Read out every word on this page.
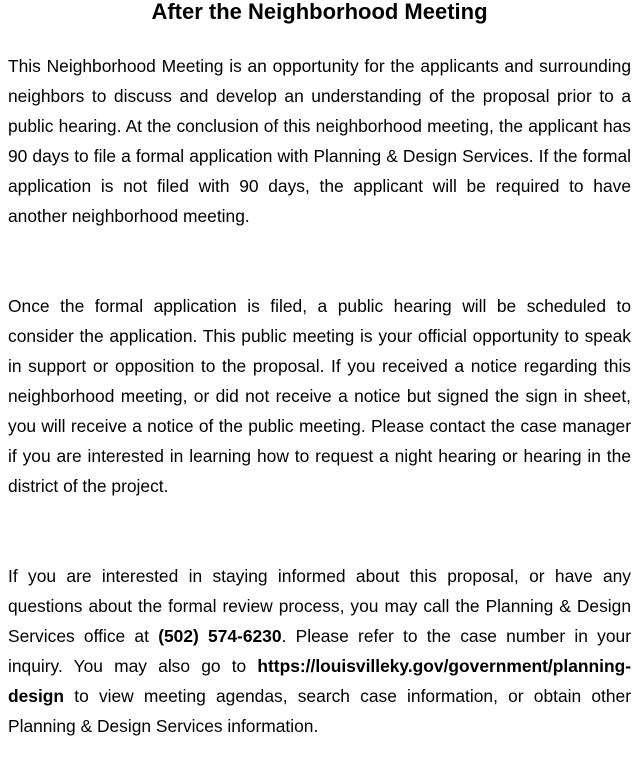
After the Neighborhood Meeting

This Neighborhood Meeting is an opportunity for the applicants and surrounding neighbors to discuss and develop an understanding of the proposal prior to a public hearing. At the conclusion of this neighborhood meeting, the applicant has 90 days to file a formal application with Planning & Design Services. If the formal application is not filed with 90 days, the applicant will be required to have another neighborhood meeting.

Once the formal application is filed, a public hearing will be scheduled to consider the application. This public meeting is your official opportunity to speak in support or opposition to the proposal. If you received a notice regarding this neighborhood meeting, or did not receive a notice but signed the sign in sheet, you will receive a notice of the public meeting. Please contact the case manager if you are interested in learning how to request a night hearing or hearing in the district of the project.

If you are interested in staying informed about this proposal, or have any questions about the formal review process, you may call the Planning & Design Services office at (502) 574-6230. Please refer to the case number in your inquiry. You may also go to https://louisvilleky.gov/government/planning-design to view meeting agendas, search case information, or obtain other Planning & Design Services information.
